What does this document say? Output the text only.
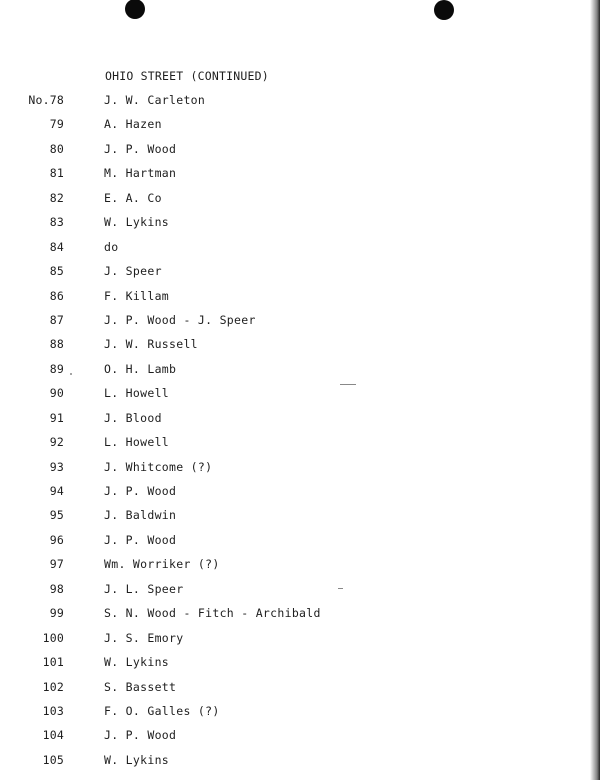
OHIO STREET (CONTINUED)
No.78	J. W. Carleton
79	A. Hazen
80	J. P. Wood
81	M. Hartman
82	E. A. Co
83	W. Lykins
84	do
85	J. Speer
86	F. Killam
87	J. P. Wood - J. Speer
88	J. W. Russell
89	O. H. Lamb
90	L. Howell
91	J. Blood
92	L. Howell
93	J. Whitcome (?)
94	J. P. Wood
95	J. Baldwin
96	J. P. Wood
97	Wm. Worriker (?)
98	J. L. Speer
99	S. N. Wood - Fitch - Archibald
100	J. S. Emory
101	W. Lykins
102	S. Bassett
103	F. O. Galles (?)
104	J. P. Wood
105	W. Lykins
